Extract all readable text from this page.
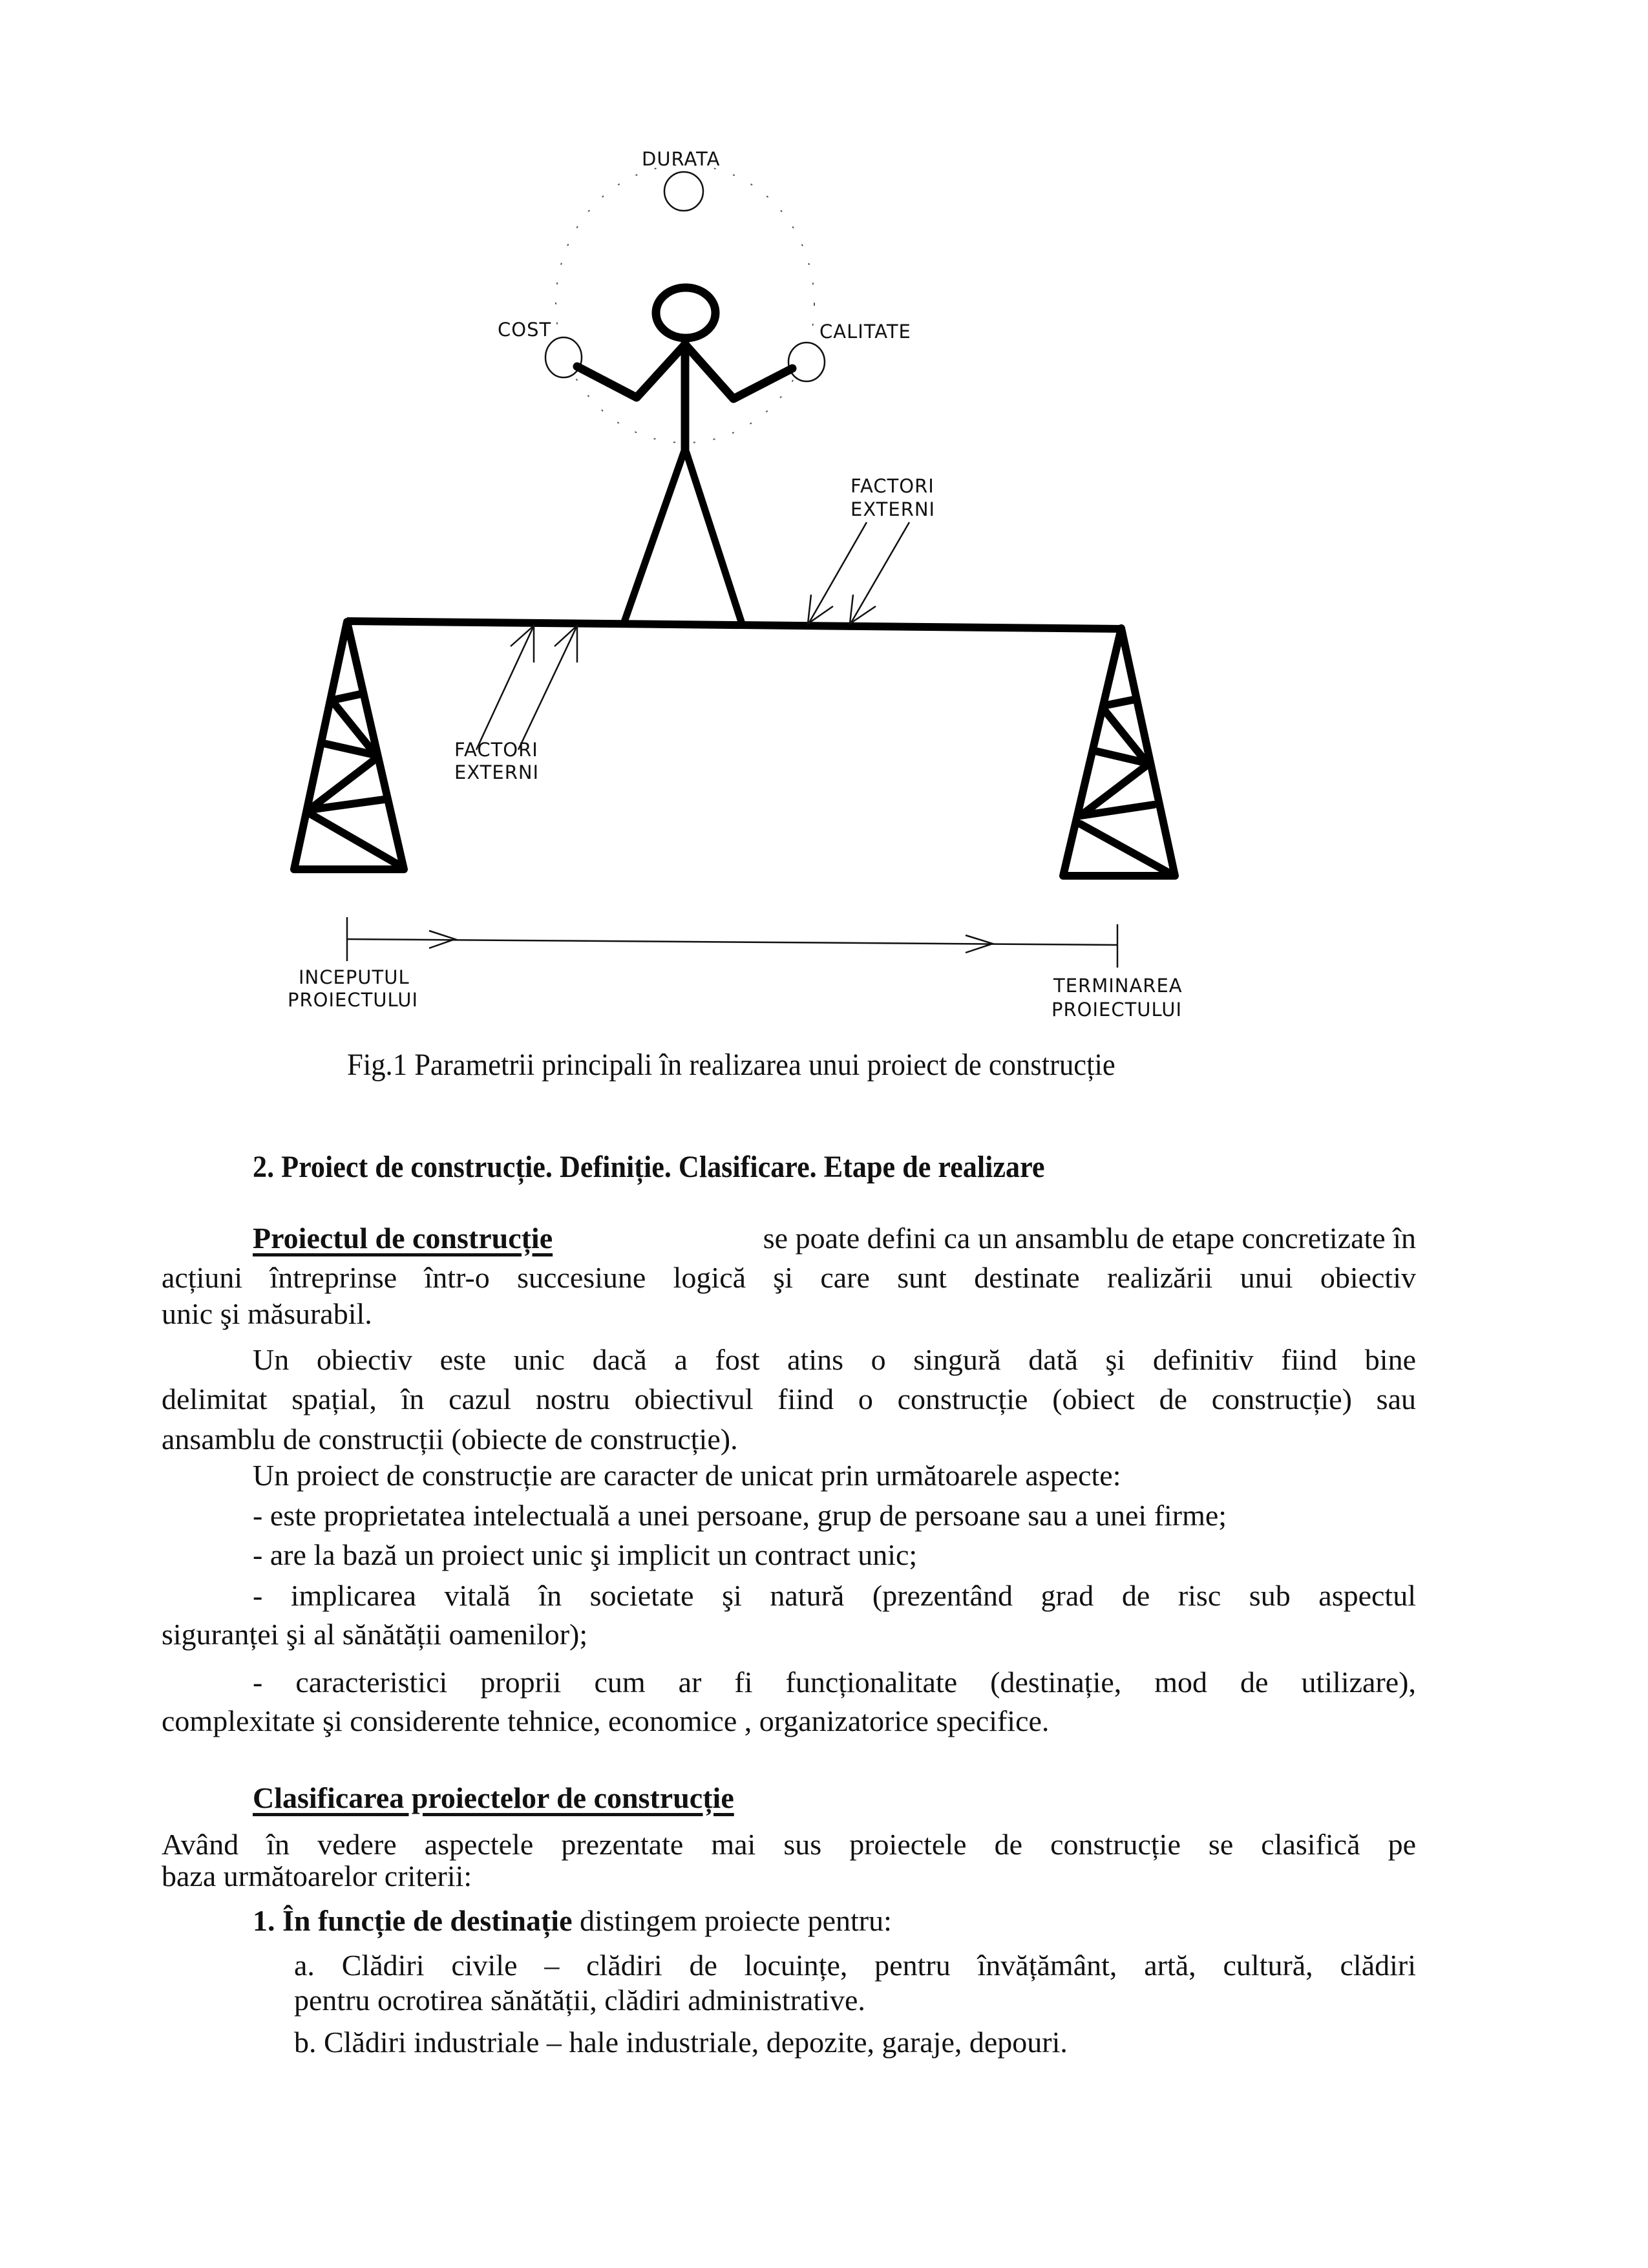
DURATA
COST	CALITATE
FACTORI
EXTERNI
FACTORI
EXTERNI
INCEPUTUL
PROIECTULUI
TERMINAREA
PROIECTULUI
Fig.1 Parametrii principali în realizarea unui proiect de construcție
2. Proiect de construcție. Definiție. Clasificare. Etape de realizare
Proiectul de construcție	se poate defini ca un ansamblu de etape concretizate în
acțiuni întreprinse într-o succesiune logică şi care sunt destinate realizării unui obiectiv
unic şi măsurabil.
Un obiectiv este unic dacă a fost atins o singură dată şi definitiv fiind bine
delimitat spațial, în cazul nostru obiectivul fiind o construcție (obiect de construcție) sau
ansamblu de construcții (obiecte de construcție).
Un proiect de construcție are caracter de unicat prin următoarele aspecte:
- este proprietatea intelectuală a unei persoane, grup de persoane sau a unei firme;
- are la bază un proiect unic şi implicit un contract unic;
- implicarea vitală în societate şi natură (prezentând grad de risc sub aspectul
siguranței şi al sănătății oamenilor);
- caracteristici proprii cum ar fi funcționalitate (destinație, mod de utilizare),
complexitate şi considerente tehnice, economice , organizatorice specifice.
Clasificarea proiectelor de construcție
Având în vedere aspectele prezentate mai sus proiectele de construcție se clasifică pe
baza următoarelor criterii:
1. În funcție de destinație distingem proiecte pentru:
a. Clădiri civile – clădiri de locuințe, pentru învățământ, artă, cultură, clădiri
pentru ocrotirea sănătății, clădiri administrative.
b. Clădiri industriale – hale industriale, depozite, garaje, depouri.
